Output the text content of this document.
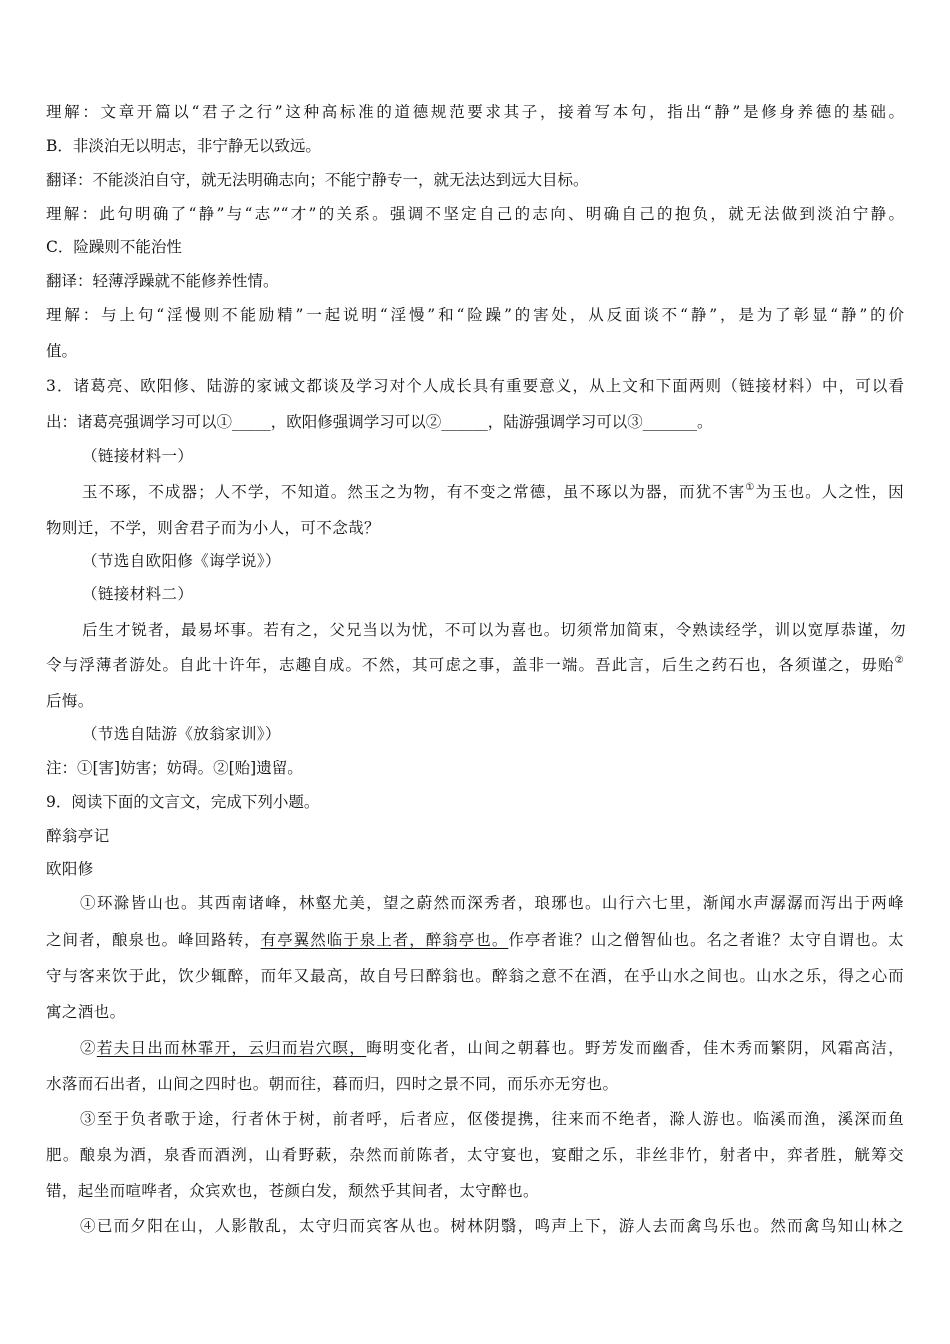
理解：文章开篇以“君子之行”这种高标准的道德规范要求其子，接着写本句，指出“静”是修身养德的基础。
B．非淡泊无以明志，非宁静无以致远。
翻译：不能淡泊自守，就无法明确志向；不能宁静专一，就无法达到远大目标。
理解：此句明确了“静”与“志”“才”的关系。强调不坚定自己的志向、明确自己的抱负，就无法做到淡泊宁静。
C．险躁则不能治性
翻译：轻薄浮躁就不能修养性情。
理解：与上句“淫慢则不能励精”一起说明“淫慢”和“险躁”的害处，从反面谈不“静”，是为了彰显“静”的价
值。
3．诸葛亮、欧阳修、陆游的家诫文都谈及学习对个人成长具有重要意义，从上文和下面两则（链接材料）中，可以看
出：诸葛亮强调学习可以①_____，欧阳修强调学习可以②______，陆游强调学习可以③_______。
（链接材料一）
玉不琢，不成器；人不学，不知道。然玉之为物，有不变之常德，虽不琢以为器，而犹不害①为玉也。人之性，因
物则迁，不学，则舍君子而为小人，可不念哉？
（节选自欧阳修《诲学说》）
（链接材料二）
后生才锐者，最易坏事。若有之，父兄当以为忧，不可以为喜也。切须常加简束，令熟读经学，训以宽厚恭谨，勿
令与浮薄者游处。自此十许年，志趣自成。不然，其可虑之事，盖非一端。吾此言，后生之药石也，各须谨之，毋贻②
后悔。
（节选自陆游《放翁家训》）
注：①[害]妨害；妨碍。②[贻]遗留。
9．阅读下面的文言文，完成下列小题。
醉翁亭记
欧阳修
①环滁皆山也。其西南诸峰，林壑尤美，望之蔚然而深秀者，琅琊也。山行六七里，渐闻水声潺潺而泻出于两峰
之间者，酿泉也。峰回路转，有亭翼然临于泉上者，醉翁亭也。作亭者谁？山之僧智仙也。名之者谁？太守自谓也。太
守与客来饮于此，饮少辄醉，而年又最高，故自号曰醉翁也。醉翁之意不在酒，在乎山水之间也。山水之乐，得之心而
寓之酒也。
②若夫日出而林霏开，云归而岩穴暝，晦明变化者，山间之朝暮也。野芳发而幽香，佳木秀而繁阴，风霜高洁，
水落而石出者，山间之四时也。朝而往，暮而归，四时之景不同，而乐亦无穷也。
③至于负者歌于途，行者休于树，前者呼，后者应，伛偻提携，往来而不绝者，滁人游也。临溪而渔，溪深而鱼
肥。酿泉为酒，泉香而酒洌，山肴野蔌，杂然而前陈者，太守宴也，宴酣之乐，非丝非竹，射者中，弈者胜，觥筹交
错，起坐而喧哗者，众宾欢也，苍颜白发，颓然乎其间者，太守醉也。
④已而夕阳在山，人影散乱，太守归而宾客从也。树林阴翳，鸣声上下，游人去而禽鸟乐也。然而禽鸟知山林之
